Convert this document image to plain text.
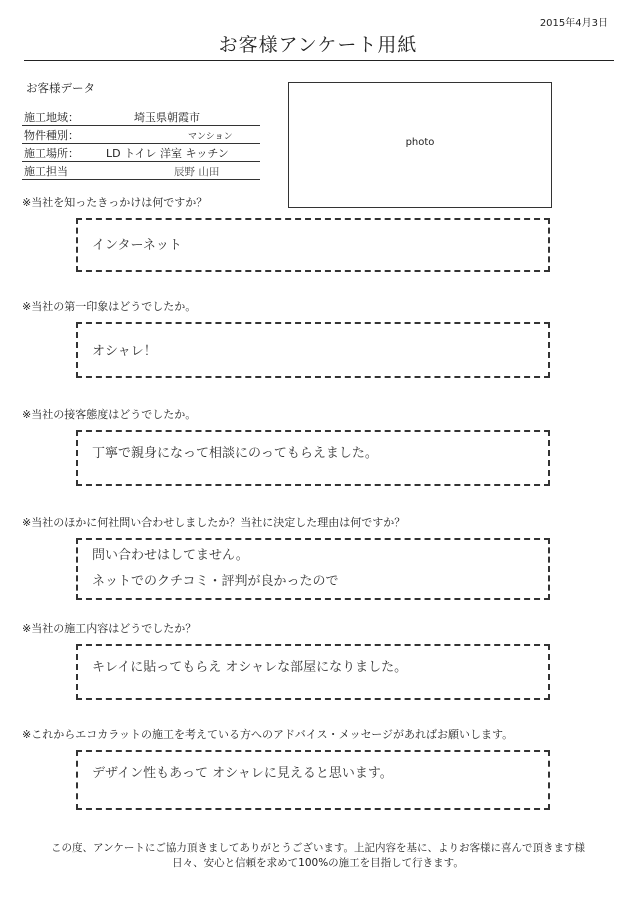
2015年4月3日
お客様アンケート用紙
お客様データ
施工地域：	埼玉県朝霞市
物件種別：	マンション
施工場所：	LD トイレ 洋室 キッチン
施工担当	辰野 山田
photo
※当社を知ったきっかけは何ですか？
インターネット
※当社の第一印象はどうでしたか。
オシャレ！
※当社の接客態度はどうでしたか。
丁寧で親身になって相談にのってもらえました。
※当社のほかに何社問い合わせしましたか？当社に決定した理由は何ですか？
問い合わせはしてません。
ネットでのクチコミ・評判が良かったので
※当社の施工内容はどうでしたか？
キレイに貼ってもらえ オシャレな部屋になりました。
※これからエコカラットの施工を考えている方へのアドバイス・メッセージがあればお願いします。
デザイン性もあって オシャレに見えると思います。
この度、アンケートにご協力頂きましてありがとうございます。上記内容を基に、よりお客様に喜んで頂きます様
日々、安心と信頼を求めて100%の施工を目指して行きます。
